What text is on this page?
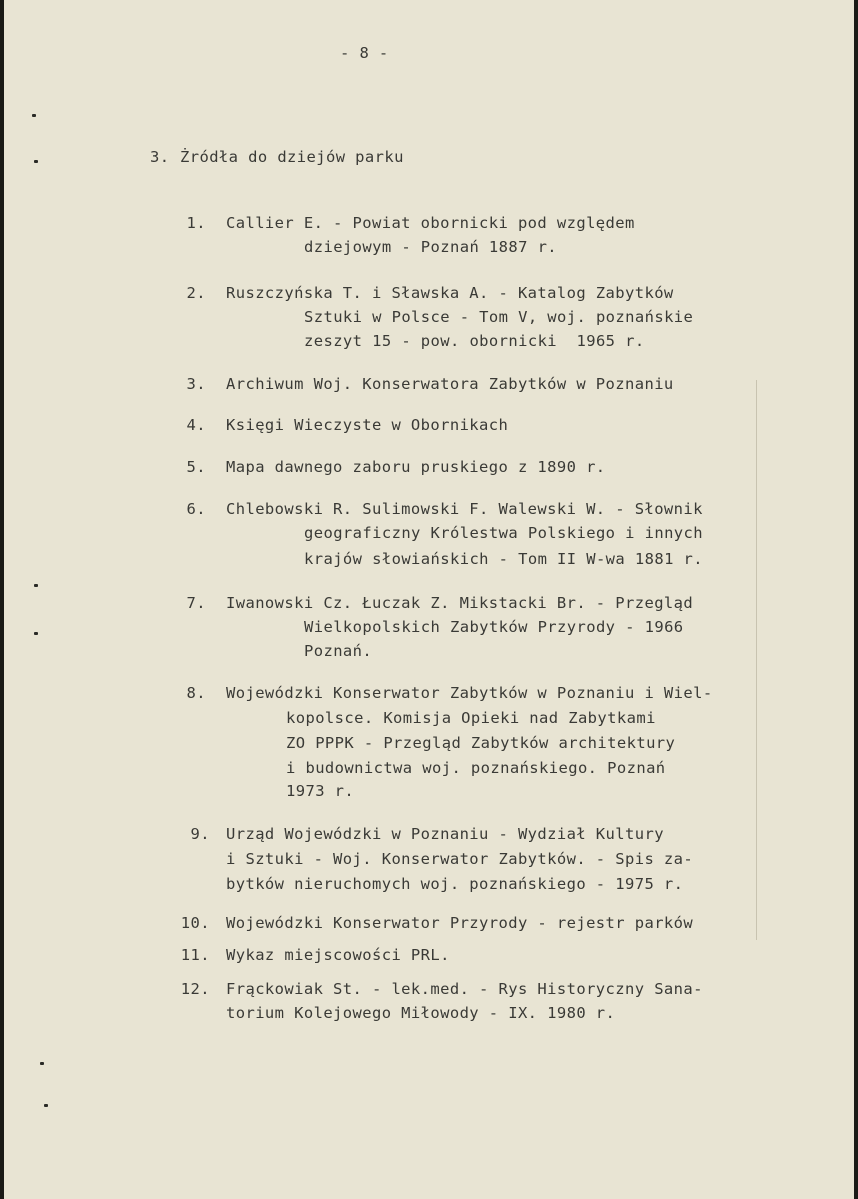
- 8 -
3. Żródła do dziejów parku
1. Callier E. - Powiat obornicki pod względem
dziejowym - Poznań 1887 r.
2. Ruszczyńska T. i Sławska A. - Katalog Zabytków
Sztuki w Polsce - Tom V, woj. poznańskie
zeszyt 15 - pow. obornicki  1965 r.
3. Archiwum Woj. Konserwatora Zabytków w Poznaniu
4. Księgi Wieczyste w Obornikach
5. Mapa dawnego zaboru pruskiego z 1890 r.
6. Chlebowski R. Sulimowski F. Walewski W. - Słownik
geograficzny Królestwa Polskiego i innych
krajów słowiańskich - Tom II W-wa 1881 r.
7. Iwanowski Cz. Łuczak Z. Mikstacki Br. - Przegląd
Wielkopolskich Zabytków Przyrody - 1966
Poznań.
8. Wojewódzki Konserwator Zabytków w Poznaniu i Wiel-
kopolsce. Komisja Opieki nad Zabytkami
ZO PPPK - Przegląd Zabytków architektury
i budownictwa woj. poznańskiego. Poznań
1973 r.
9. Urząd Wojewódzki w Poznaniu - Wydział Kultury
i Sztuki - Woj. Konserwator Zabytków. - Spis za-
bytków nieruchomych woj. poznańskiego - 1975 r.
10. Wojewódzki Konserwator Przyrody - rejestr parków
11. Wykaz miejscowości PRL.
12. Frąckowiak St. - lek.med. - Rys Historyczny Sana-
torium Kolejowego Miłowody - IX. 1980 r.
